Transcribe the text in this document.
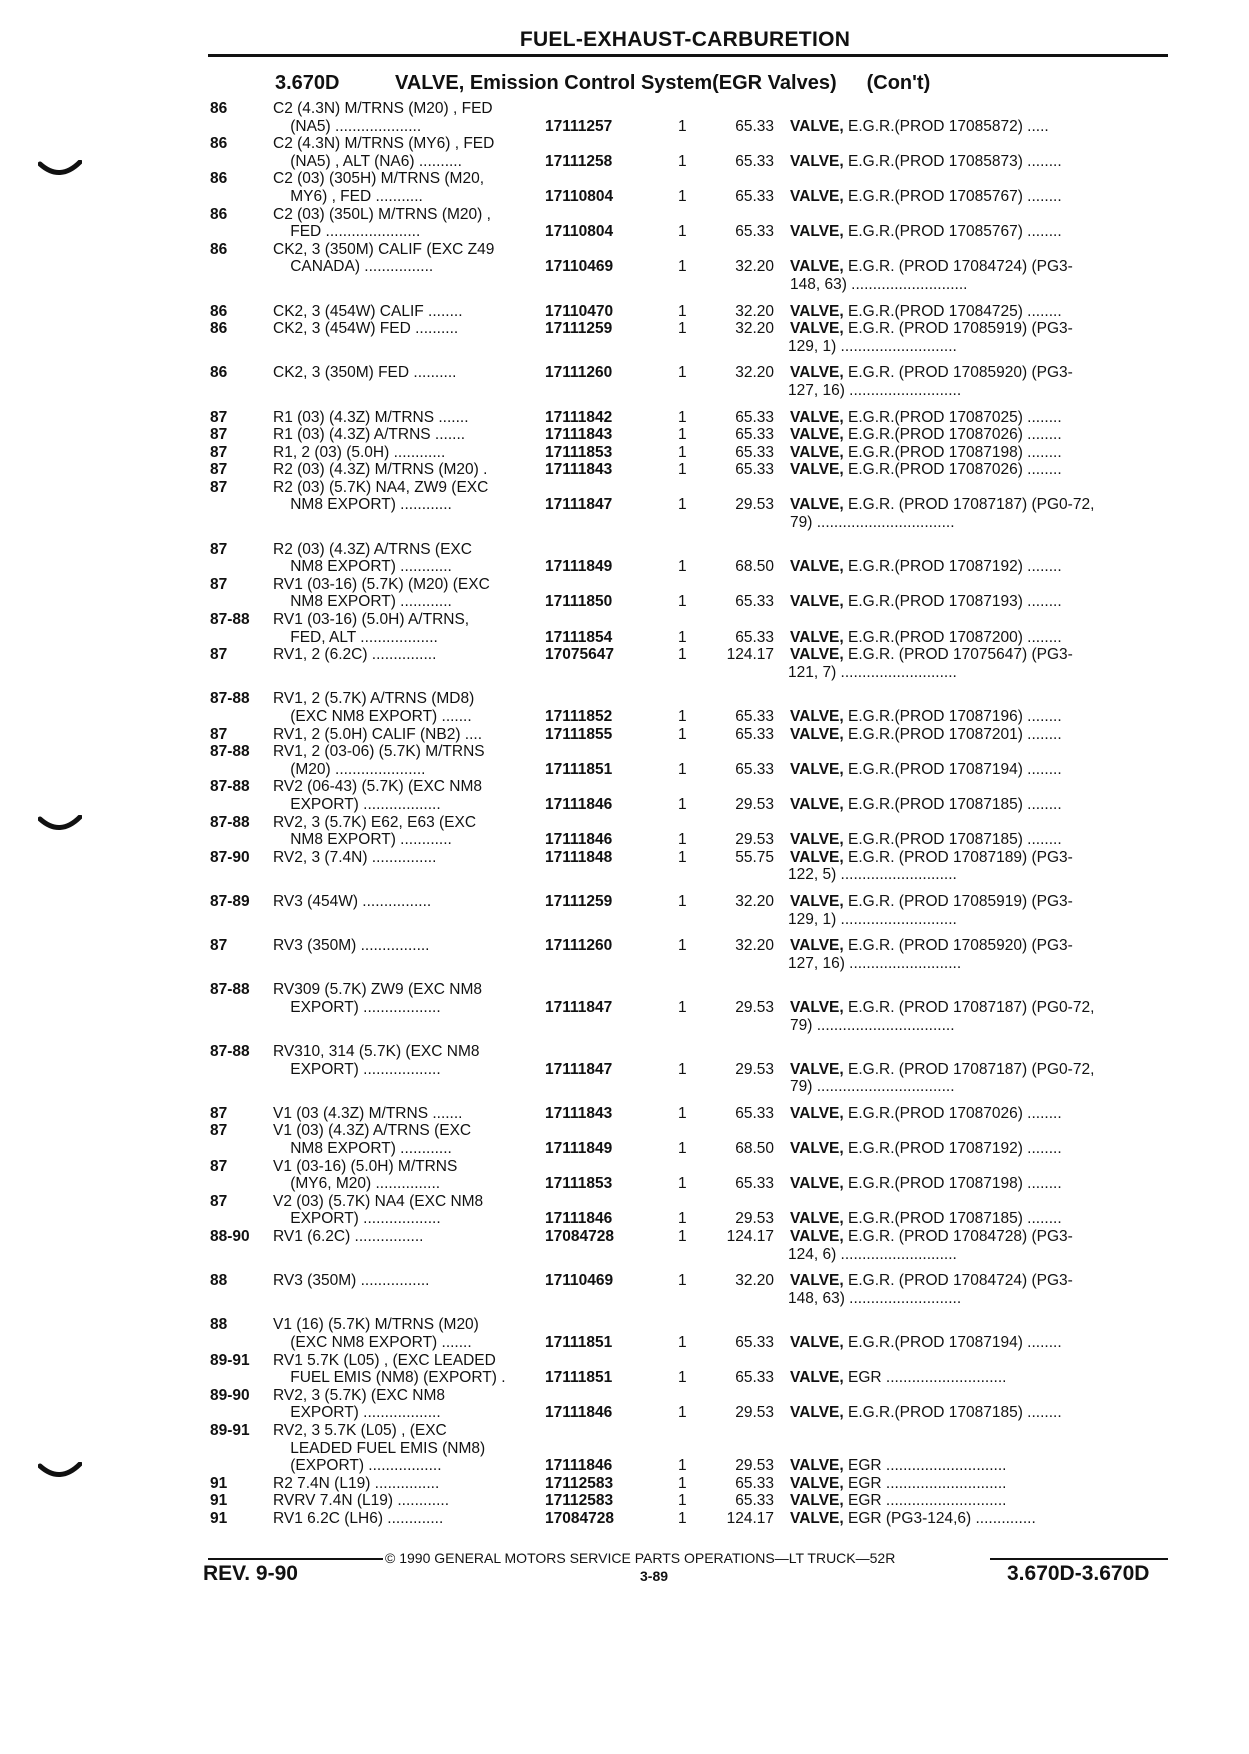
FUEL-EXHAUST-CARBURETION
3.670D	VALVE, Emission Control System(EGR Valves) (Con't)
86	C2 (4.3N) M/TRNS (M20) , FED
(NA5) ....................	17111257	1	65.33	VALVE, E.G.R.(PROD 17085872) .....
86	C2 (4.3N) M/TRNS (MY6) , FED
(NA5) , ALT (NA6) ..........	17111258	1	65.33	VALVE, E.G.R.(PROD 17085873) ........
86	C2 (03) (305H) M/TRNS (M20,
MY6) , FED ...........	17110804	1	65.33	VALVE, E.G.R.(PROD 17085767) ........
86	C2 (03) (350L) M/TRNS (M20) ,
FED ......................	17110804	1	65.33	VALVE, E.G.R.(PROD 17085767) ........
86	CK2, 3 (350M) CALIF (EXC Z49
CANADA) ................	17110469	1	32.20	VALVE, E.G.R. (PROD 17084724) (PG3-
148, 63) ...........................
86	CK2, 3 (454W) CALIF ........	17110470	1	32.20	VALVE, E.G.R.(PROD 17084725) ........
86	CK2, 3 (454W) FED ..........	17111259	1	32.20	VALVE, E.G.R. (PROD 17085919) (PG3-
129, 1) ...........................
86	CK2, 3 (350M) FED ..........	17111260	1	32.20	VALVE, E.G.R. (PROD 17085920) (PG3-
127, 16) ..........................
87	R1 (03) (4.3Z) M/TRNS .......	17111842	1	65.33	VALVE, E.G.R.(PROD 17087025) ........
87	R1 (03) (4.3Z) A/TRNS .......	17111843	1	65.33	VALVE, E.G.R.(PROD 17087026) ........
87	R1, 2 (03) (5.0H) ............	17111853	1	65.33	VALVE, E.G.R.(PROD 17087198) ........
87	R2 (03) (4.3Z) M/TRNS (M20) .	17111843	1	65.33	VALVE, E.G.R.(PROD 17087026) ........
87	R2 (03) (5.7K) NA4, ZW9 (EXC
NM8 EXPORT) ............	17111847	1	29.53	VALVE, E.G.R. (PROD 17087187) (PG0-72,
79) ................................
87	R2 (03) (4.3Z) A/TRNS (EXC
NM8 EXPORT) ............	17111849	1	68.50	VALVE, E.G.R.(PROD 17087192) ........
87	RV1 (03-16) (5.7K) (M20) (EXC
NM8 EXPORT) ............	17111850	1	65.33	VALVE, E.G.R.(PROD 17087193) ........
87-88	RV1 (03-16) (5.0H) A/TRNS,
FED, ALT ..................	17111854	1	65.33	VALVE, E.G.R.(PROD 17087200) ........
87	RV1, 2 (6.2C) ...............	17075647	1	124.17	VALVE, E.G.R. (PROD 17075647) (PG3-
121, 7) ...........................
87-88	RV1, 2 (5.7K) A/TRNS (MD8)
(EXC NM8 EXPORT) .......	17111852	1	65.33	VALVE, E.G.R.(PROD 17087196) ........
87	RV1, 2 (5.0H) CALIF (NB2) ....	17111855	1	65.33	VALVE, E.G.R.(PROD 17087201) ........
87-88	RV1, 2 (03-06) (5.7K) M/TRNS
(M20) .....................	17111851	1	65.33	VALVE, E.G.R.(PROD 17087194) ........
87-88	RV2 (06-43) (5.7K) (EXC NM8
EXPORT) ..................	17111846	1	29.53	VALVE, E.G.R.(PROD 17087185) ........
87-88	RV2, 3 (5.7K) E62, E63 (EXC
NM8 EXPORT) ............	17111846	1	29.53	VALVE, E.G.R.(PROD 17087185) ........
87-90	RV2, 3 (7.4N) ...............	17111848	1	55.75	VALVE, E.G.R. (PROD 17087189) (PG3-
122, 5) ...........................
87-89	RV3 (454W) ................	17111259	1	32.20	VALVE, E.G.R. (PROD 17085919) (PG3-
129, 1) ...........................
87	RV3 (350M) ................	17111260	1	32.20	VALVE, E.G.R. (PROD 17085920) (PG3-
127, 16) ..........................
87-88	RV309 (5.7K) ZW9 (EXC NM8
EXPORT) ..................	17111847	1	29.53	VALVE, E.G.R. (PROD 17087187) (PG0-72,
79) ................................
87-88	RV310, 314 (5.7K) (EXC NM8
EXPORT) ..................	17111847	1	29.53	VALVE, E.G.R. (PROD 17087187) (PG0-72,
79) ................................
87	V1 (03 (4.3Z) M/TRNS .......	17111843	1	65.33	VALVE, E.G.R.(PROD 17087026) ........
87	V1 (03) (4.3Z) A/TRNS (EXC
NM8 EXPORT) ............	17111849	1	68.50	VALVE, E.G.R.(PROD 17087192) ........
87	V1 (03-16) (5.0H) M/TRNS
(MY6, M20) ...............	17111853	1	65.33	VALVE, E.G.R.(PROD 17087198) ........
87	V2 (03) (5.7K) NA4 (EXC NM8
EXPORT) ..................	17111846	1	29.53	VALVE, E.G.R.(PROD 17087185) ........
88-90	RV1 (6.2C) ................	17084728	1	124.17	VALVE, E.G.R. (PROD 17084728) (PG3-
124, 6) ...........................
88	RV3 (350M) ................	17110469	1	32.20	VALVE, E.G.R. (PROD 17084724) (PG3-
148, 63) ..........................
88	V1 (16) (5.7K) M/TRNS (M20)
(EXC NM8 EXPORT) .......	17111851	1	65.33	VALVE, E.G.R.(PROD 17087194) ........
89-91	RV1 5.7K (L05) , (EXC LEADED
FUEL EMIS (NM8) (EXPORT) .	17111851	1	65.33	VALVE, EGR ............................
89-90	RV2, 3 (5.7K) (EXC NM8
EXPORT) ..................	17111846	1	29.53	VALVE, E.G.R.(PROD 17087185) ........
89-91	RV2, 3 5.7K (L05) , (EXC
LEADED FUEL EMIS (NM8)
(EXPORT) .................	17111846	1	29.53	VALVE, EGR ............................
91	R2 7.4N (L19) ...............	17112583	1	65.33	VALVE, EGR ............................
91	RVRV 7.4N (L19) ............	17112583	1	65.33	VALVE, EGR ............................
91	RV1 6.2C (LH6) .............	17084728	1	124.17	VALVE, EGR (PG3-124,6) ..............
© 1990 GENERAL MOTORS SERVICE PARTS OPERATIONS—LT TRUCK—52R
REV. 9-90	3-89	3.670D-3.670D
